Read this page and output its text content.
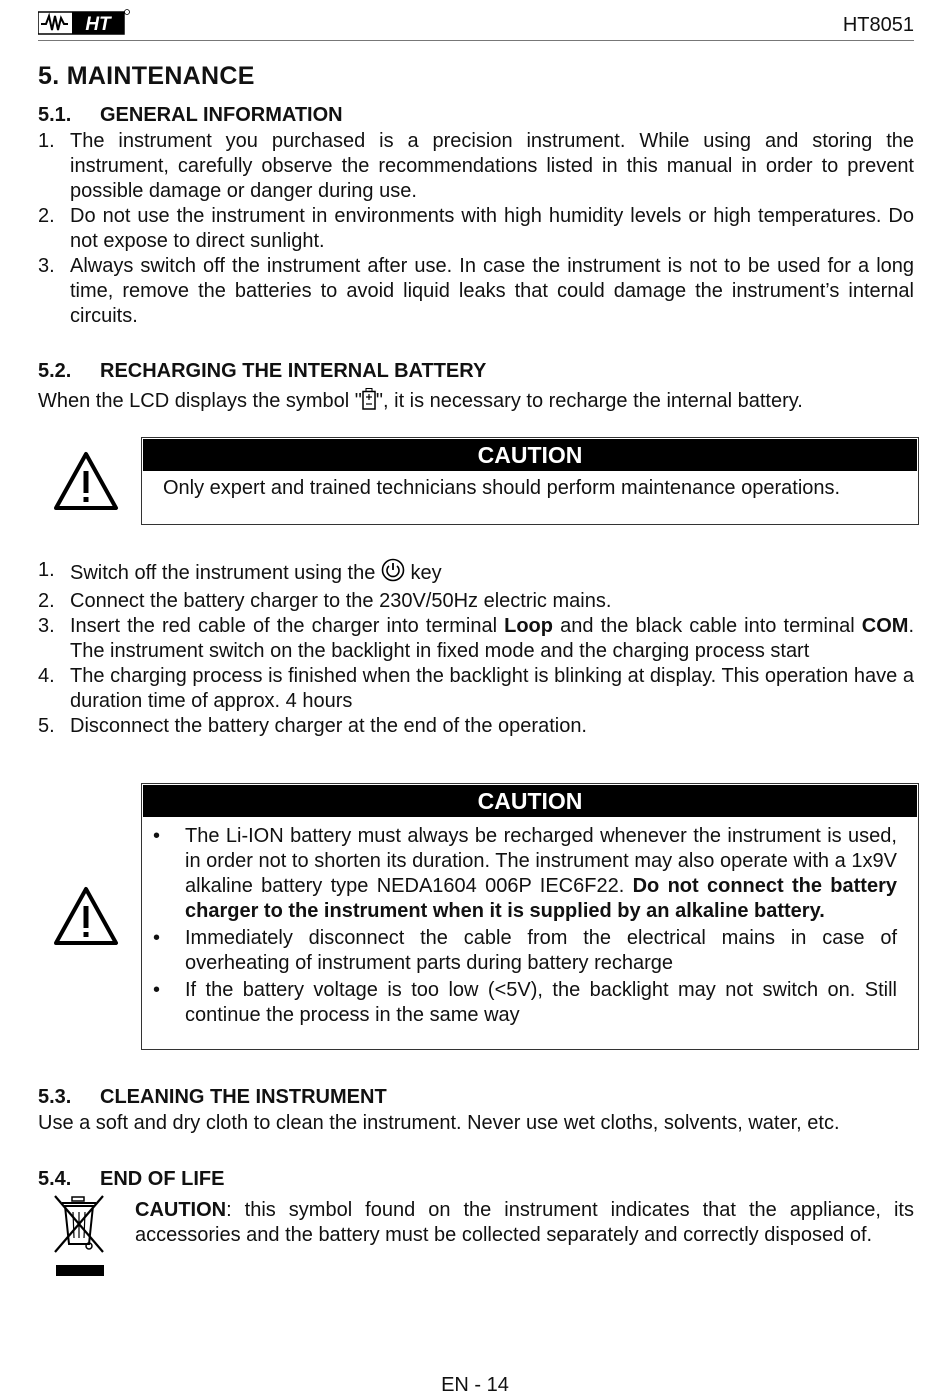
HT	HT8051
5. MAINTENANCE
5.1. GENERAL INFORMATION
1. The instrument you purchased is a precision instrument. While using and storing the instrument, carefully observe the recommendations listed in this manual in order to prevent possible damage or danger during use.
2. Do not use the instrument in environments with high humidity levels or high temperatures. Do not expose to direct sunlight.
3. Always switch off the instrument after use. In case the instrument is not to be used for a long time, remove the batteries to avoid liquid leaks that could damage the instrument’s internal circuits.
5.2. RECHARGING THE INTERNAL BATTERY
When the LCD displays the symbol " ", it is necessary to recharge the internal battery.
CAUTION
Only expert and trained technicians should perform maintenance operations.
1. Switch off the instrument using the  key
2. Connect the battery charger to the 230V/50Hz electric mains.
3. Insert the red cable of the charger into terminal Loop and the black cable into terminal COM. The instrument switch on the backlight in fixed mode and the charging process start
4. The charging process is finished when the backlight is blinking at display. This operation have a duration time of approx. 4 hours
5. Disconnect the battery charger at the end of the operation.
CAUTION
• The Li-ION battery must always be recharged whenever the instrument is used, in order not to shorten its duration. The instrument may also operate with a 1x9V alkaline battery type NEDA1604 006P IEC6F22. Do not connect the battery charger to the instrument when it is supplied by an alkaline battery.
• Immediately disconnect the cable from the electrical mains in case of overheating of instrument parts during battery recharge
• If the battery voltage is too low (<5V), the backlight may not switch on. Still continue the process in the same way
5.3. CLEANING THE INSTRUMENT
Use a soft and dry cloth to clean the instrument. Never use wet cloths, solvents, water, etc.
5.4. END OF LIFE
CAUTION: this symbol found on the instrument indicates that the appliance, its accessories and the battery must be collected separately and correctly disposed of.
EN - 14
